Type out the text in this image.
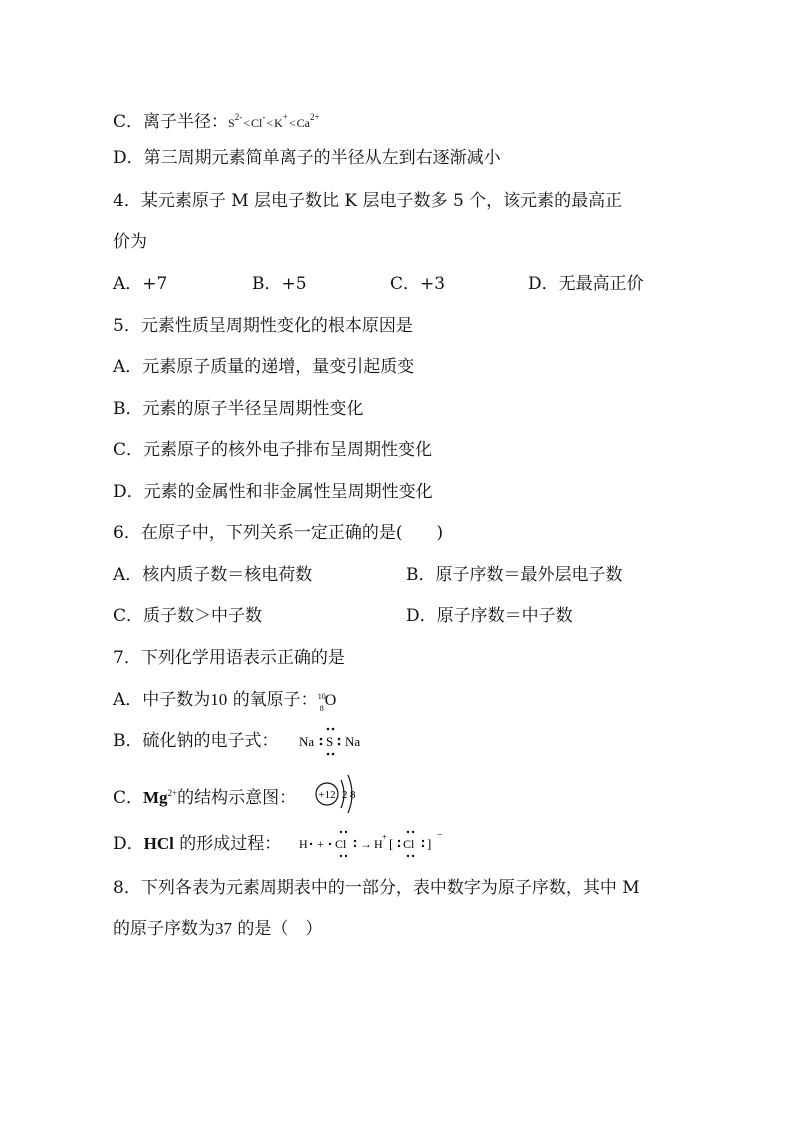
C．离子半径：$S^{2-}<Cl^-<K^+<Ca^{2+}$
D．第三周期元素简单离子的半径从左到右逐渐减小
4．某元素原子 M 层电子数比 K 层电子数多 5 个，该元素的最高正
价为
A．+7	B．+5	C．+3	D．无最高正价
5．元素性质呈周期性变化的根本原因是
A．元素原子质量的递增，量变引起质变
B．元素的原子半径呈周期性变化
C．元素原子的核外电子排布呈周期性变化
D．元素的金属性和非金属性呈周期性变化
6．在原子中，下列关系一定正确的是(　　)
A．核内质子数＝核电荷数	B．原子序数＝最外层电子数
C．质子数＞中子数	D．原子序数＝中子数
7．下列化学用语表示正确的是
A．中子数为10 的氧原子： 10
8 O
B．硫化钠的电子式： Na S Na
C．$Mg^{2+}$的结构示意图： +12 2 8
D．HCl 的形成过程： H + Cl → H + [ Cl ]
−
8．下列各表为元素周期表中的一部分，表中数字为原子序数，其中 M
的原子序数为37 的是（　）
